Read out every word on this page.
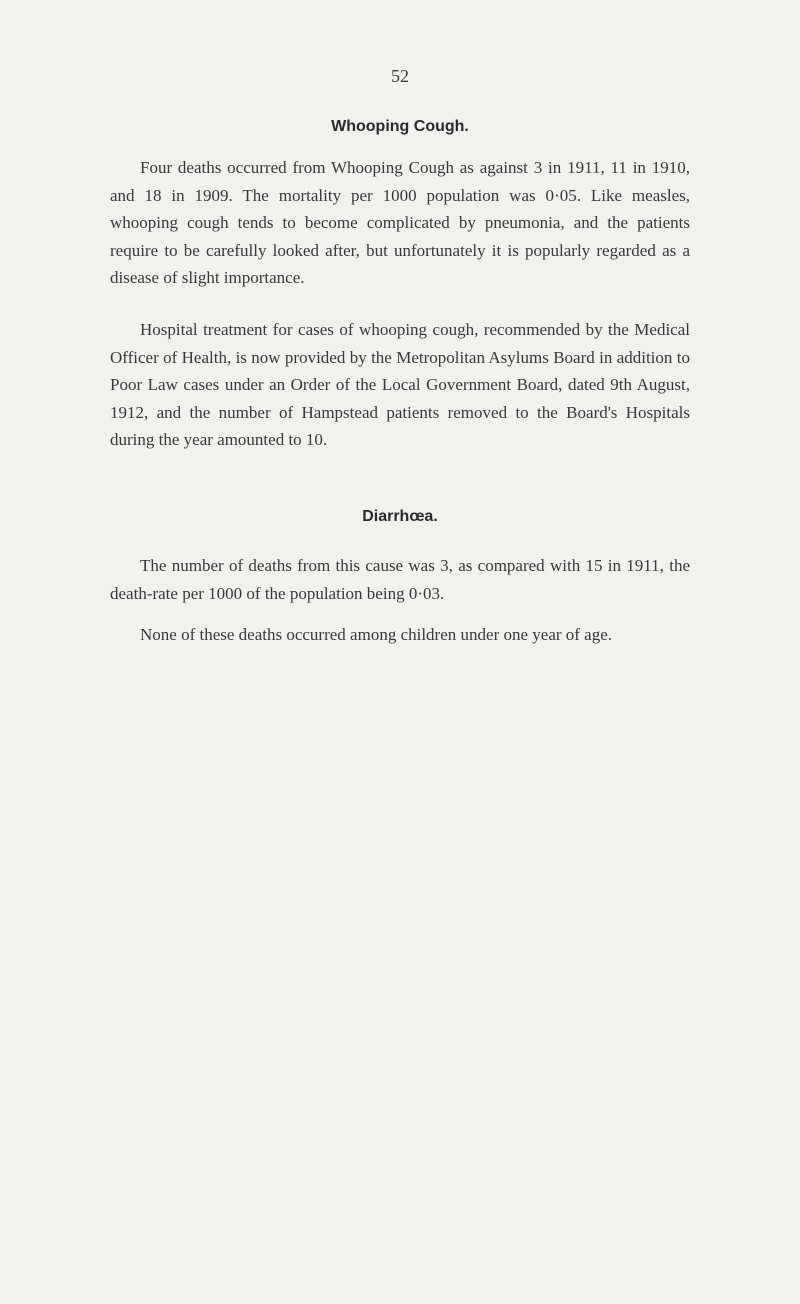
52
Whooping Cough.

Four deaths occurred from Whooping Cough as against 3 in 1911, 11 in 1910, and 18 in 1909. The mortality per 1000 population was 0·05. Like measles, whooping cough tends to become complicated by pneumonia, and the patients require to be carefully looked after, but unfortunately it is popularly regarded as a disease of slight importance.

Hospital treatment for cases of whooping cough, recommended by the Medical Officer of Health, is now provided by the Metropolitan Asylums Board in addition to Poor Law cases under an Order of the Local Government Board, dated 9th August, 1912, and the number of Hampstead patients removed to the Board's Hospitals during the year amounted to 10.

Diarrhœa.

The number of deaths from this cause was 3, as compared with 15 in 1911, the death-rate per 1000 of the population being 0·03.

None of these deaths occurred among children under one year of age.
